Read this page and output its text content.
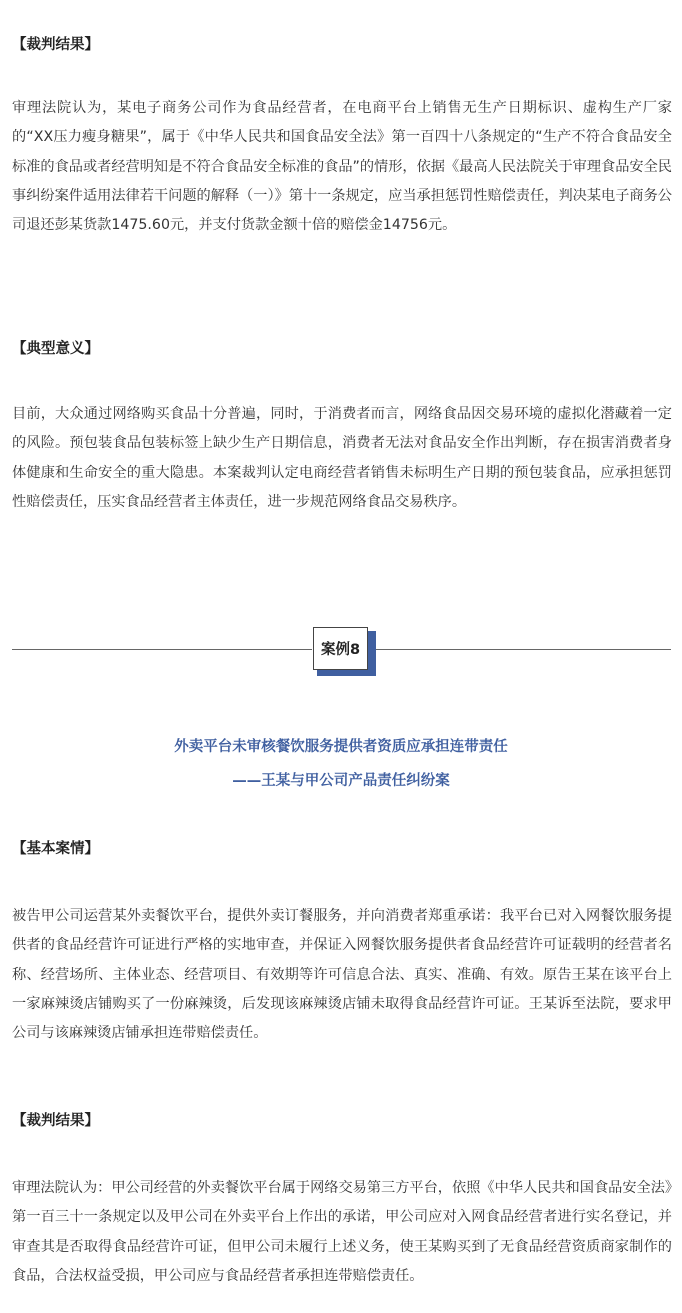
【裁判结果】

审理法院认为，某电子商务公司作为食品经营者，在电商平台上销售无生产日期标识、虚构生产厂家的“XX压力瘦身糖果”，属于《中华人民共和国食品安全法》第一百四十八条规定的“生产不符合食品安全标准的食品或者经营明知是不符合食品安全标准的食品”的情形，依据《最高人民法院关于审理食品安全民事纠纷案件适用法律若干问题的解释（一）》第十一条规定，应当承担惩罚性赔偿责任，判决某电子商务公司退还彭某货款1475.60元，并支付货款金额十倍的赔偿金14756元。

【典型意义】

目前，大众通过网络购买食品十分普遍，同时，于消费者而言，网络食品因交易环境的虚拟化潜藏着一定的风险。预包装食品包装标签上缺少生产日期信息，消费者无法对食品安全作出判断，存在损害消费者身体健康和生命安全的重大隐患。本案裁判认定电商经营者销售未标明生产日期的预包装食品，应承担惩罚性赔偿责任，压实食品经营者主体责任，进一步规范网络食品交易秩序。

案例8
外卖平台未审核餐饮服务提供者资质应承担连带责任
——王某与甲公司产品责任纠纷案
【基本案情】

被告甲公司运营某外卖餐饮平台，提供外卖订餐服务，并向消费者郑重承诺：我平台已对入网餐饮服务提供者的食品经营许可证进行严格的实地审查，并保证入网餐饮服务提供者食品经营许可证载明的经营者名称、经营场所、主体业态、经营项目、有效期等许可信息合法、真实、准确、有效。原告王某在该平台上一家麻辣烫店铺购买了一份麻辣烫，后发现该麻辣烫店铺未取得食品经营许可证。王某诉至法院，要求甲公司与该麻辣烫店铺承担连带赔偿责任。

【裁判结果】

审理法院认为：甲公司经营的外卖餐饮平台属于网络交易第三方平台，依照《中华人民共和国食品安全法》第一百三十一条规定以及甲公司在外卖平台上作出的承诺，甲公司应对入网食品经营者进行实名登记，并审查其是否取得食品经营许可证，但甲公司未履行上述义务，使王某购买到了无食品经营资质商家制作的食品，合法权益受损，甲公司应与食品经营者承担连带赔偿责任。
